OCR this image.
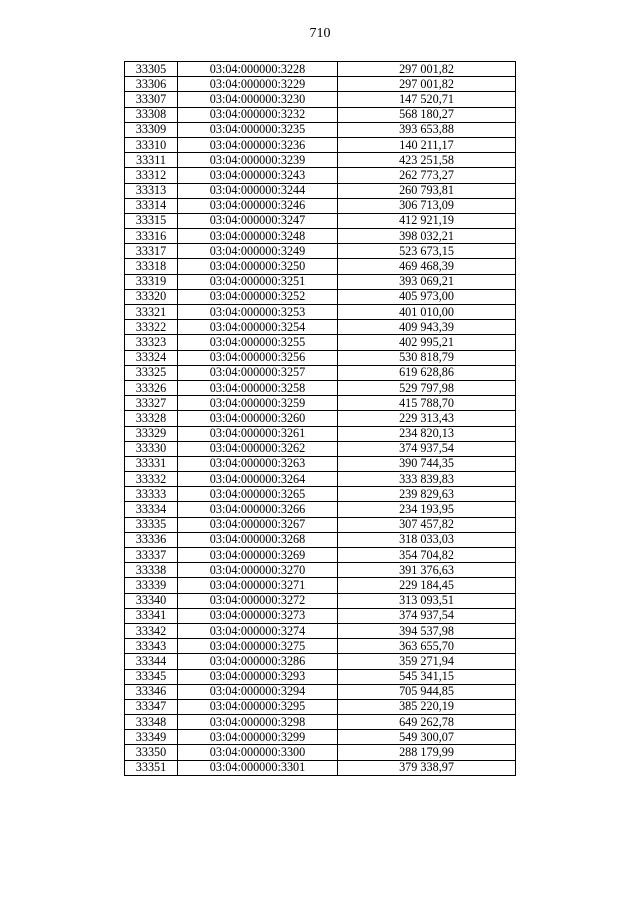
710
33305	03:04:000000:3228	297 001,82
33306	03:04:000000:3229	297 001,82
33307	03:04:000000:3230	147 520,71
33308	03:04:000000:3232	568 180,27
33309	03:04:000000:3235	393 653,88
33310	03:04:000000:3236	140 211,17
33311	03:04:000000:3239	423 251,58
33312	03:04:000000:3243	262 773,27
33313	03:04:000000:3244	260 793,81
33314	03:04:000000:3246	306 713,09
33315	03:04:000000:3247	412 921,19
33316	03:04:000000:3248	398 032,21
33317	03:04:000000:3249	523 673,15
33318	03:04:000000:3250	469 468,39
33319	03:04:000000:3251	393 069,21
33320	03:04:000000:3252	405 973,00
33321	03:04:000000:3253	401 010,00
33322	03:04:000000:3254	409 943,39
33323	03:04:000000:3255	402 995,21
33324	03:04:000000:3256	530 818,79
33325	03:04:000000:3257	619 628,86
33326	03:04:000000:3258	529 797,98
33327	03:04:000000:3259	415 788,70
33328	03:04:000000:3260	229 313,43
33329	03:04:000000:3261	234 820,13
33330	03:04:000000:3262	374 937,54
33331	03:04:000000:3263	390 744,35
33332	03:04:000000:3264	333 839,83
33333	03:04:000000:3265	239 829,63
33334	03:04:000000:3266	234 193,95
33335	03:04:000000:3267	307 457,82
33336	03:04:000000:3268	318 033,03
33337	03:04:000000:3269	354 704,82
33338	03:04:000000:3270	391 376,63
33339	03:04:000000:3271	229 184,45
33340	03:04:000000:3272	313 093,51
33341	03:04:000000:3273	374 937,54
33342	03:04:000000:3274	394 537,98
33343	03:04:000000:3275	363 655,70
33344	03:04:000000:3286	359 271,94
33345	03:04:000000:3293	545 341,15
33346	03:04:000000:3294	705 944,85
33347	03:04:000000:3295	385 220,19
33348	03:04:000000:3298	649 262,78
33349	03:04:000000:3299	549 300,07
33350	03:04:000000:3300	288 179,99
33351	03:04:000000:3301	379 338,97
